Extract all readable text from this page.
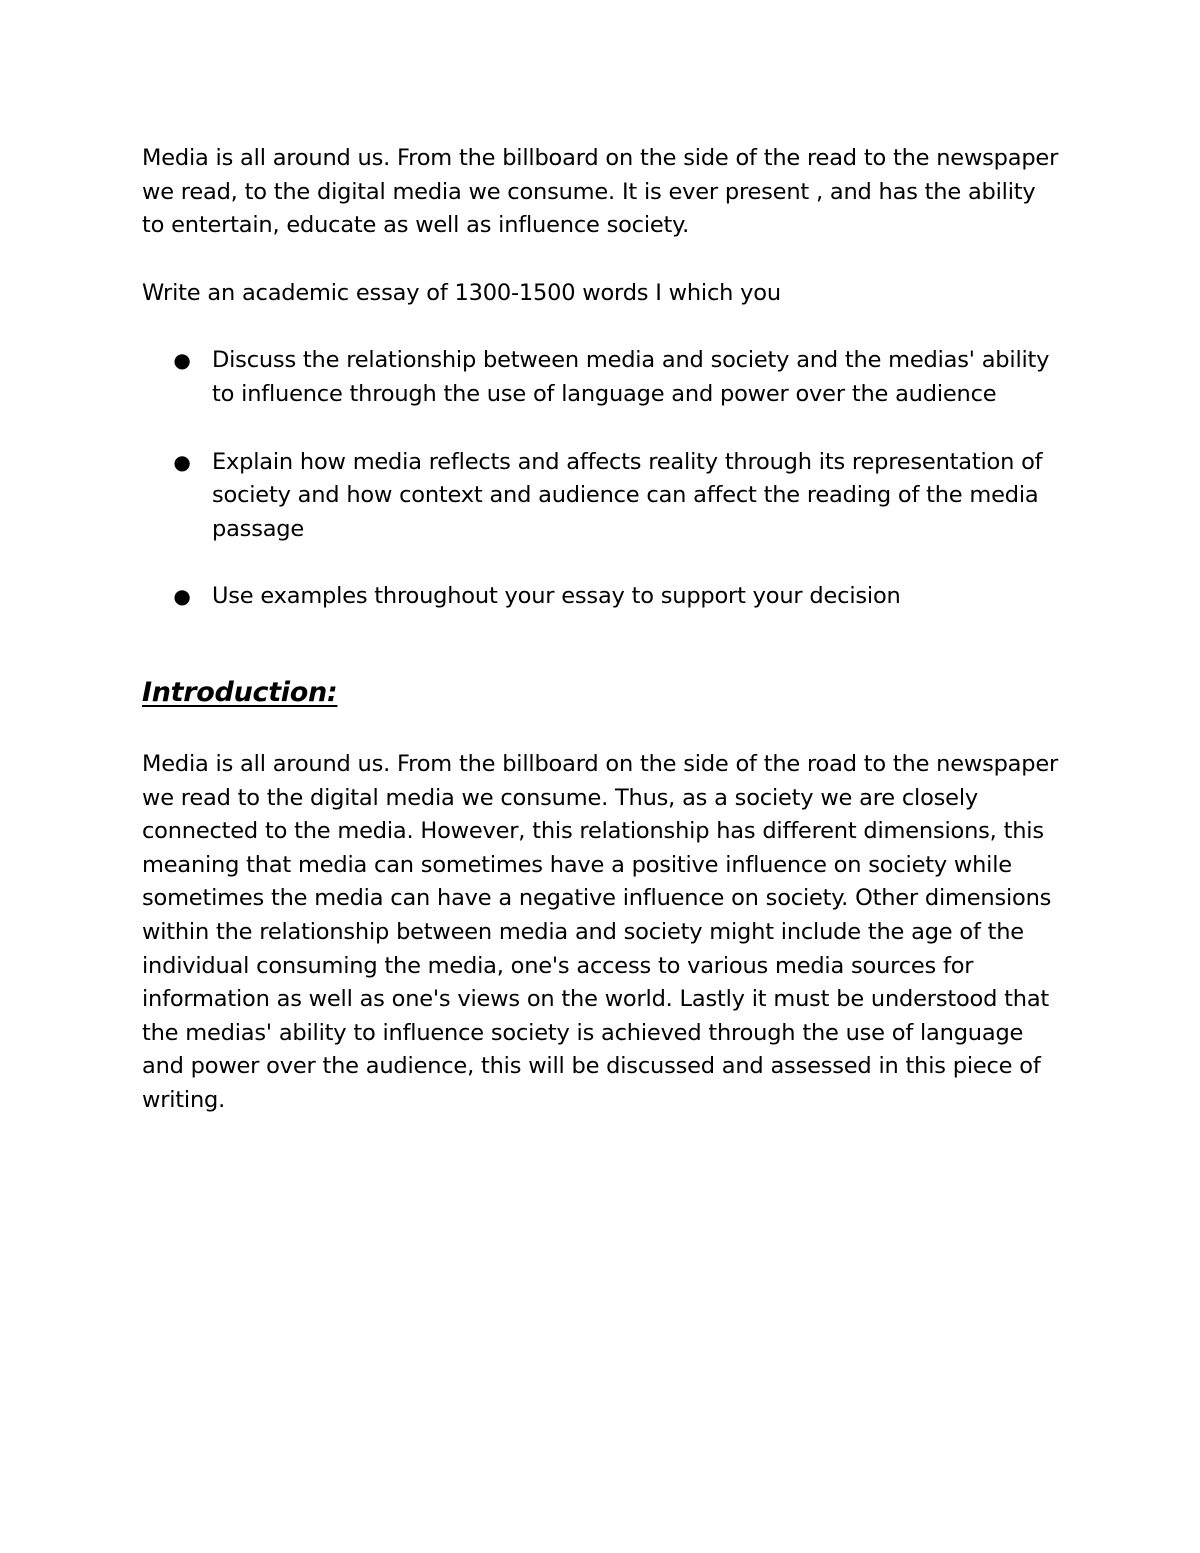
Media is all around us. From the billboard on the side of the read to the newspaper we read, to the digital media we consume. It is ever present , and has the ability to entertain, educate as well as influence society.

Write an academic essay of 1300-1500 words I which you

● Discuss the relationship between media and society and the medias' ability to influence through the use of language and power over the audience
● Explain how media reflects and affects reality through its representation of society and how context and audience can affect the reading of the media passage
● Use examples throughout your essay to support your decision
Introduction:

Media is all around us. From the billboard on the side of the road to the newspaper we read to the digital media we consume. Thus, as a society we are closely connected to the media. However, this relationship has different dimensions, this meaning that media can sometimes have a positive influence on society while sometimes the media can have a negative influence on society. Other dimensions within the relationship between media and society might include the age of the individual consuming the media, one's access to various media sources for information as well as one's views on the world. Lastly it must be understood that the medias' ability to influence society is achieved through the use of language and power over the audience, this will be discussed and assessed in this piece of writing.
